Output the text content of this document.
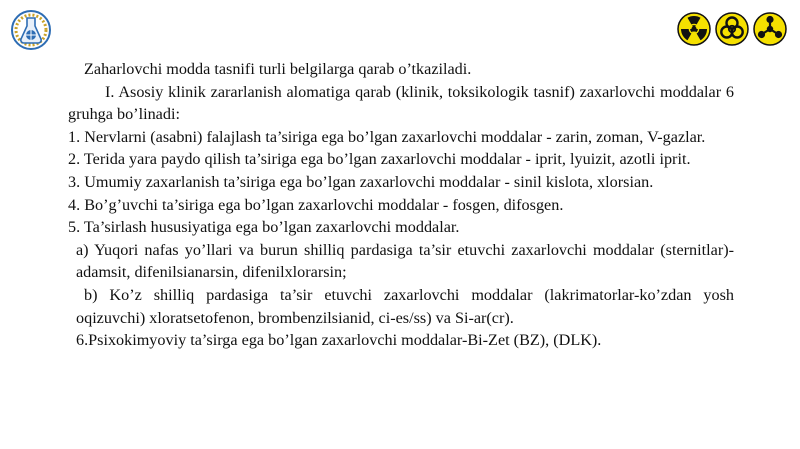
Zaharlovchi modda tasnifi turli belgilarga qarab o’tkaziladi.

I. Asosiy klinik zararlanish alomatiga qarab (klinik, toksikologik tasnif) zaxarlovchi moddalar 6 gruhga bo’linadi:

1. Nervlarni (asabni) falajlash ta’siriga ega bo’lgan zaxarlovchi moddalar - zarin, zoman, V-gazlar.

2. Terida yara paydo qilish ta’siriga ega bo’lgan zaxarlovchi moddalar - iprit, lyuizit, azotli iprit.

3. Umumiy zaxarlanish ta’siriga ega bo’lgan zaxarlovchi moddalar - sinil kislota, xlorsian.

4. Bo’g’uvchi ta’siriga ega bo’lgan zaxarlovchi moddalar - fosgen, difosgen.

5. Ta’sirlash hususiyatiga ega bo’lgan zaxarlovchi moddalar.

a) Yuqori nafas yo’llari va burun shilliq pardasiga ta’sir etuvchi zaxarlovchi moddalar (sternitlar)-adamsit, difenilsianarsin, difenilxlorarsin;

b) Ko’z shilliq pardasiga ta’sir etuvchi zaxarlovchi moddalar (lakrimatorlar-ko’zdan yosh oqizuvchi) xloratsetofenon, brombenzilsianid, ci-es/ss) va Si-ar(cr).

6.Psixokimyoviy ta’sirga ega bo’lgan zaxarlovchi moddalar-Bi-Zet (BZ), (DLK).
